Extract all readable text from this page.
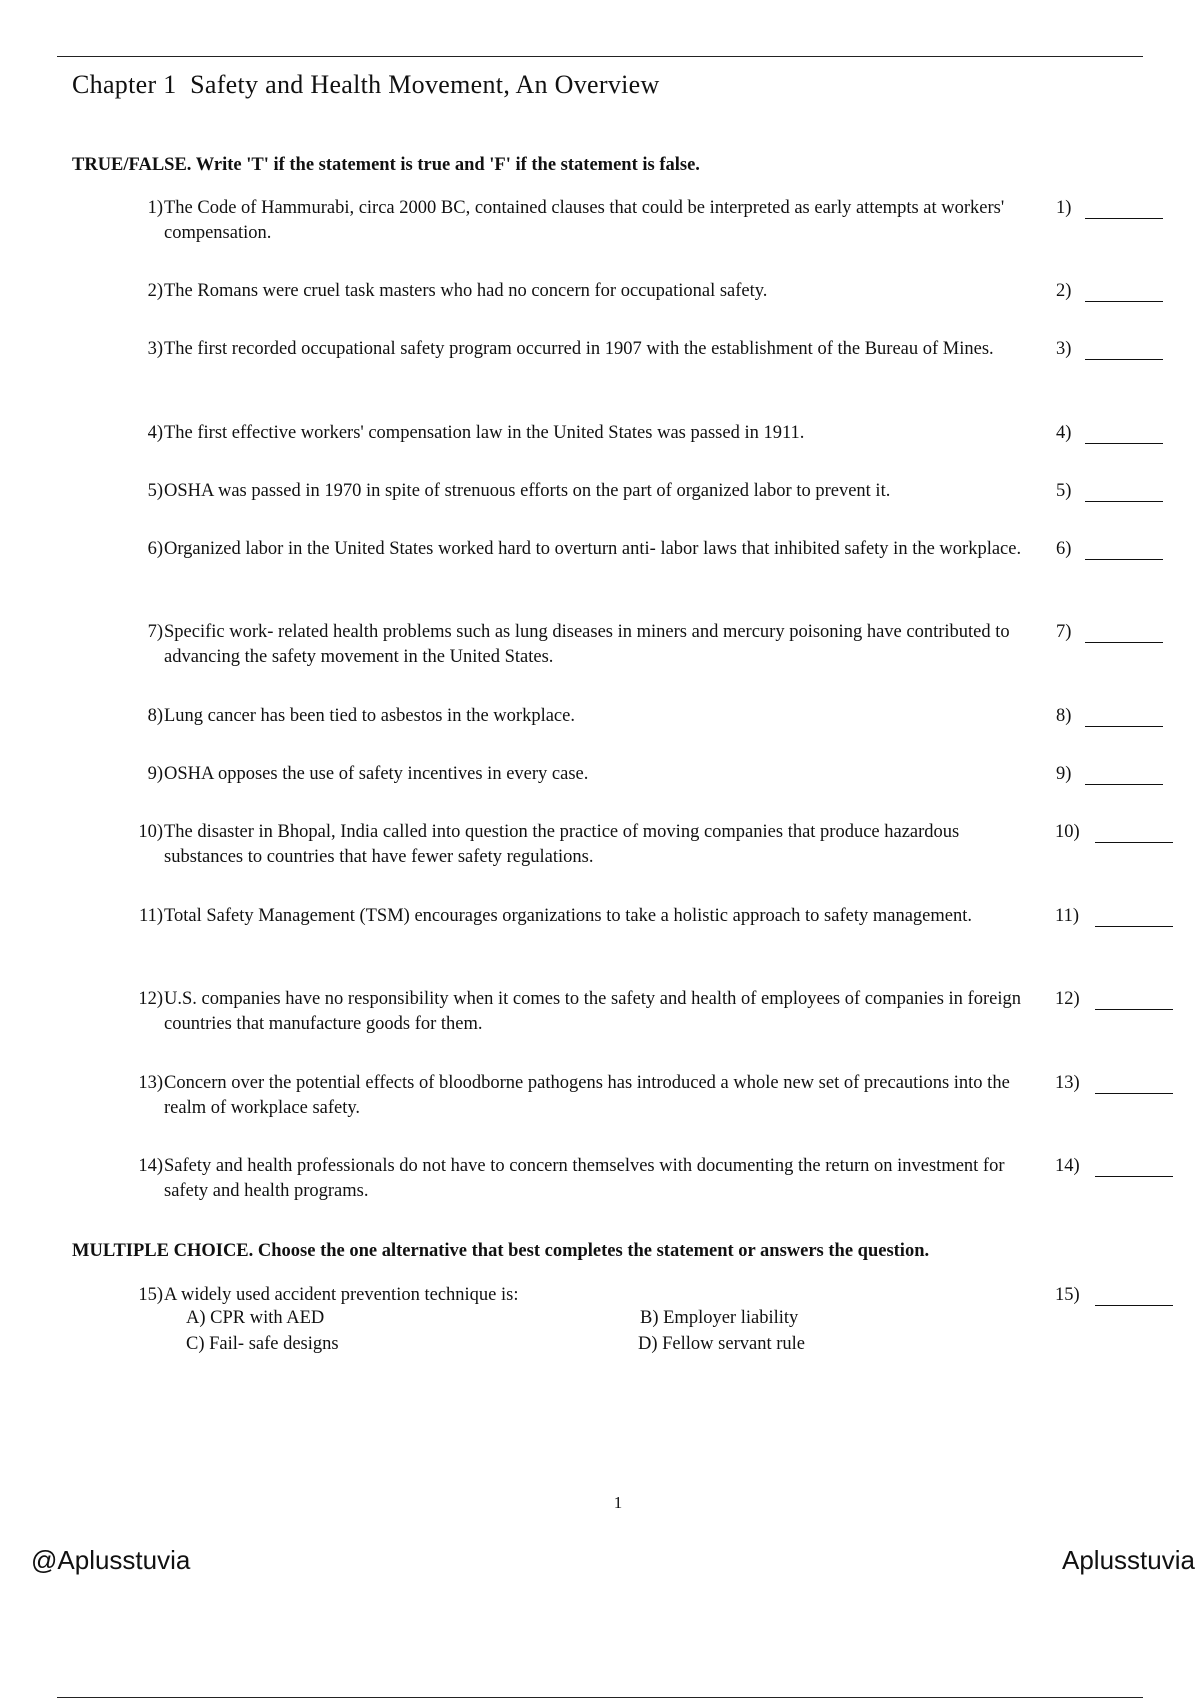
Chapter 1  Safety and Health Movement, An Overview
TRUE/FALSE. Write 'T' if the statement is true and 'F' if the statement is false.
1) The Code of Hammurabi, circa 2000 BC, contained clauses that could be interpreted as early attempts at workers' compensation.
1)
2) The Romans were cruel task masters who had no concern for occupational safety.	2)
3) The first recorded occupational safety program occurred in 1907 with the establishment of the Bureau of Mines.	3)
4) The first effective workers' compensation law in the United States was passed in 1911.	4)
5) OSHA was passed in 1970 in spite of strenuous efforts on the part of organized labor to prevent it.	5)
6) Organized labor in the United States worked hard to overturn anti- labor laws that inhibited safety in the workplace. 6)
7) Specific work- related health problems such as lung diseases in miners and mercury poisoning have contributed to advancing the safety movement in the United States.
7)
8) Lung cancer has been tied to asbestos in the workplace.	8)
9) OSHA opposes the use of safety incentives in every case.	9)
10) The disaster in Bhopal, India called into question the practice of moving companies that produce hazardous substances to countries that have fewer safety regulations.
10)
11) Total Safety Management (TSM) encourages organizations to take a holistic approach to safety management.	11)
12) U.S. companies have no responsibility when it comes to the safety and health of employees of companies in foreign countries that manufacture goods for them.
12)
13) Concern over the potential effects of bloodborne pathogens has introduced a whole new set of precautions into the realm of workplace safety.
13)
14) Safety and health professionals do not have to concern themselves with documenting the return on investment for safety and health programs.
14)
MULTIPLE CHOICE. Choose the one alternative that best completes the statement or answers the question.
15) A widely used accident prevention technique is:	15)
A) CPR with AED	B) Employer liability
C) Fail- safe designs	D) Fellow servant rule
1
@Aplusstuvia	Aplusstuvia
